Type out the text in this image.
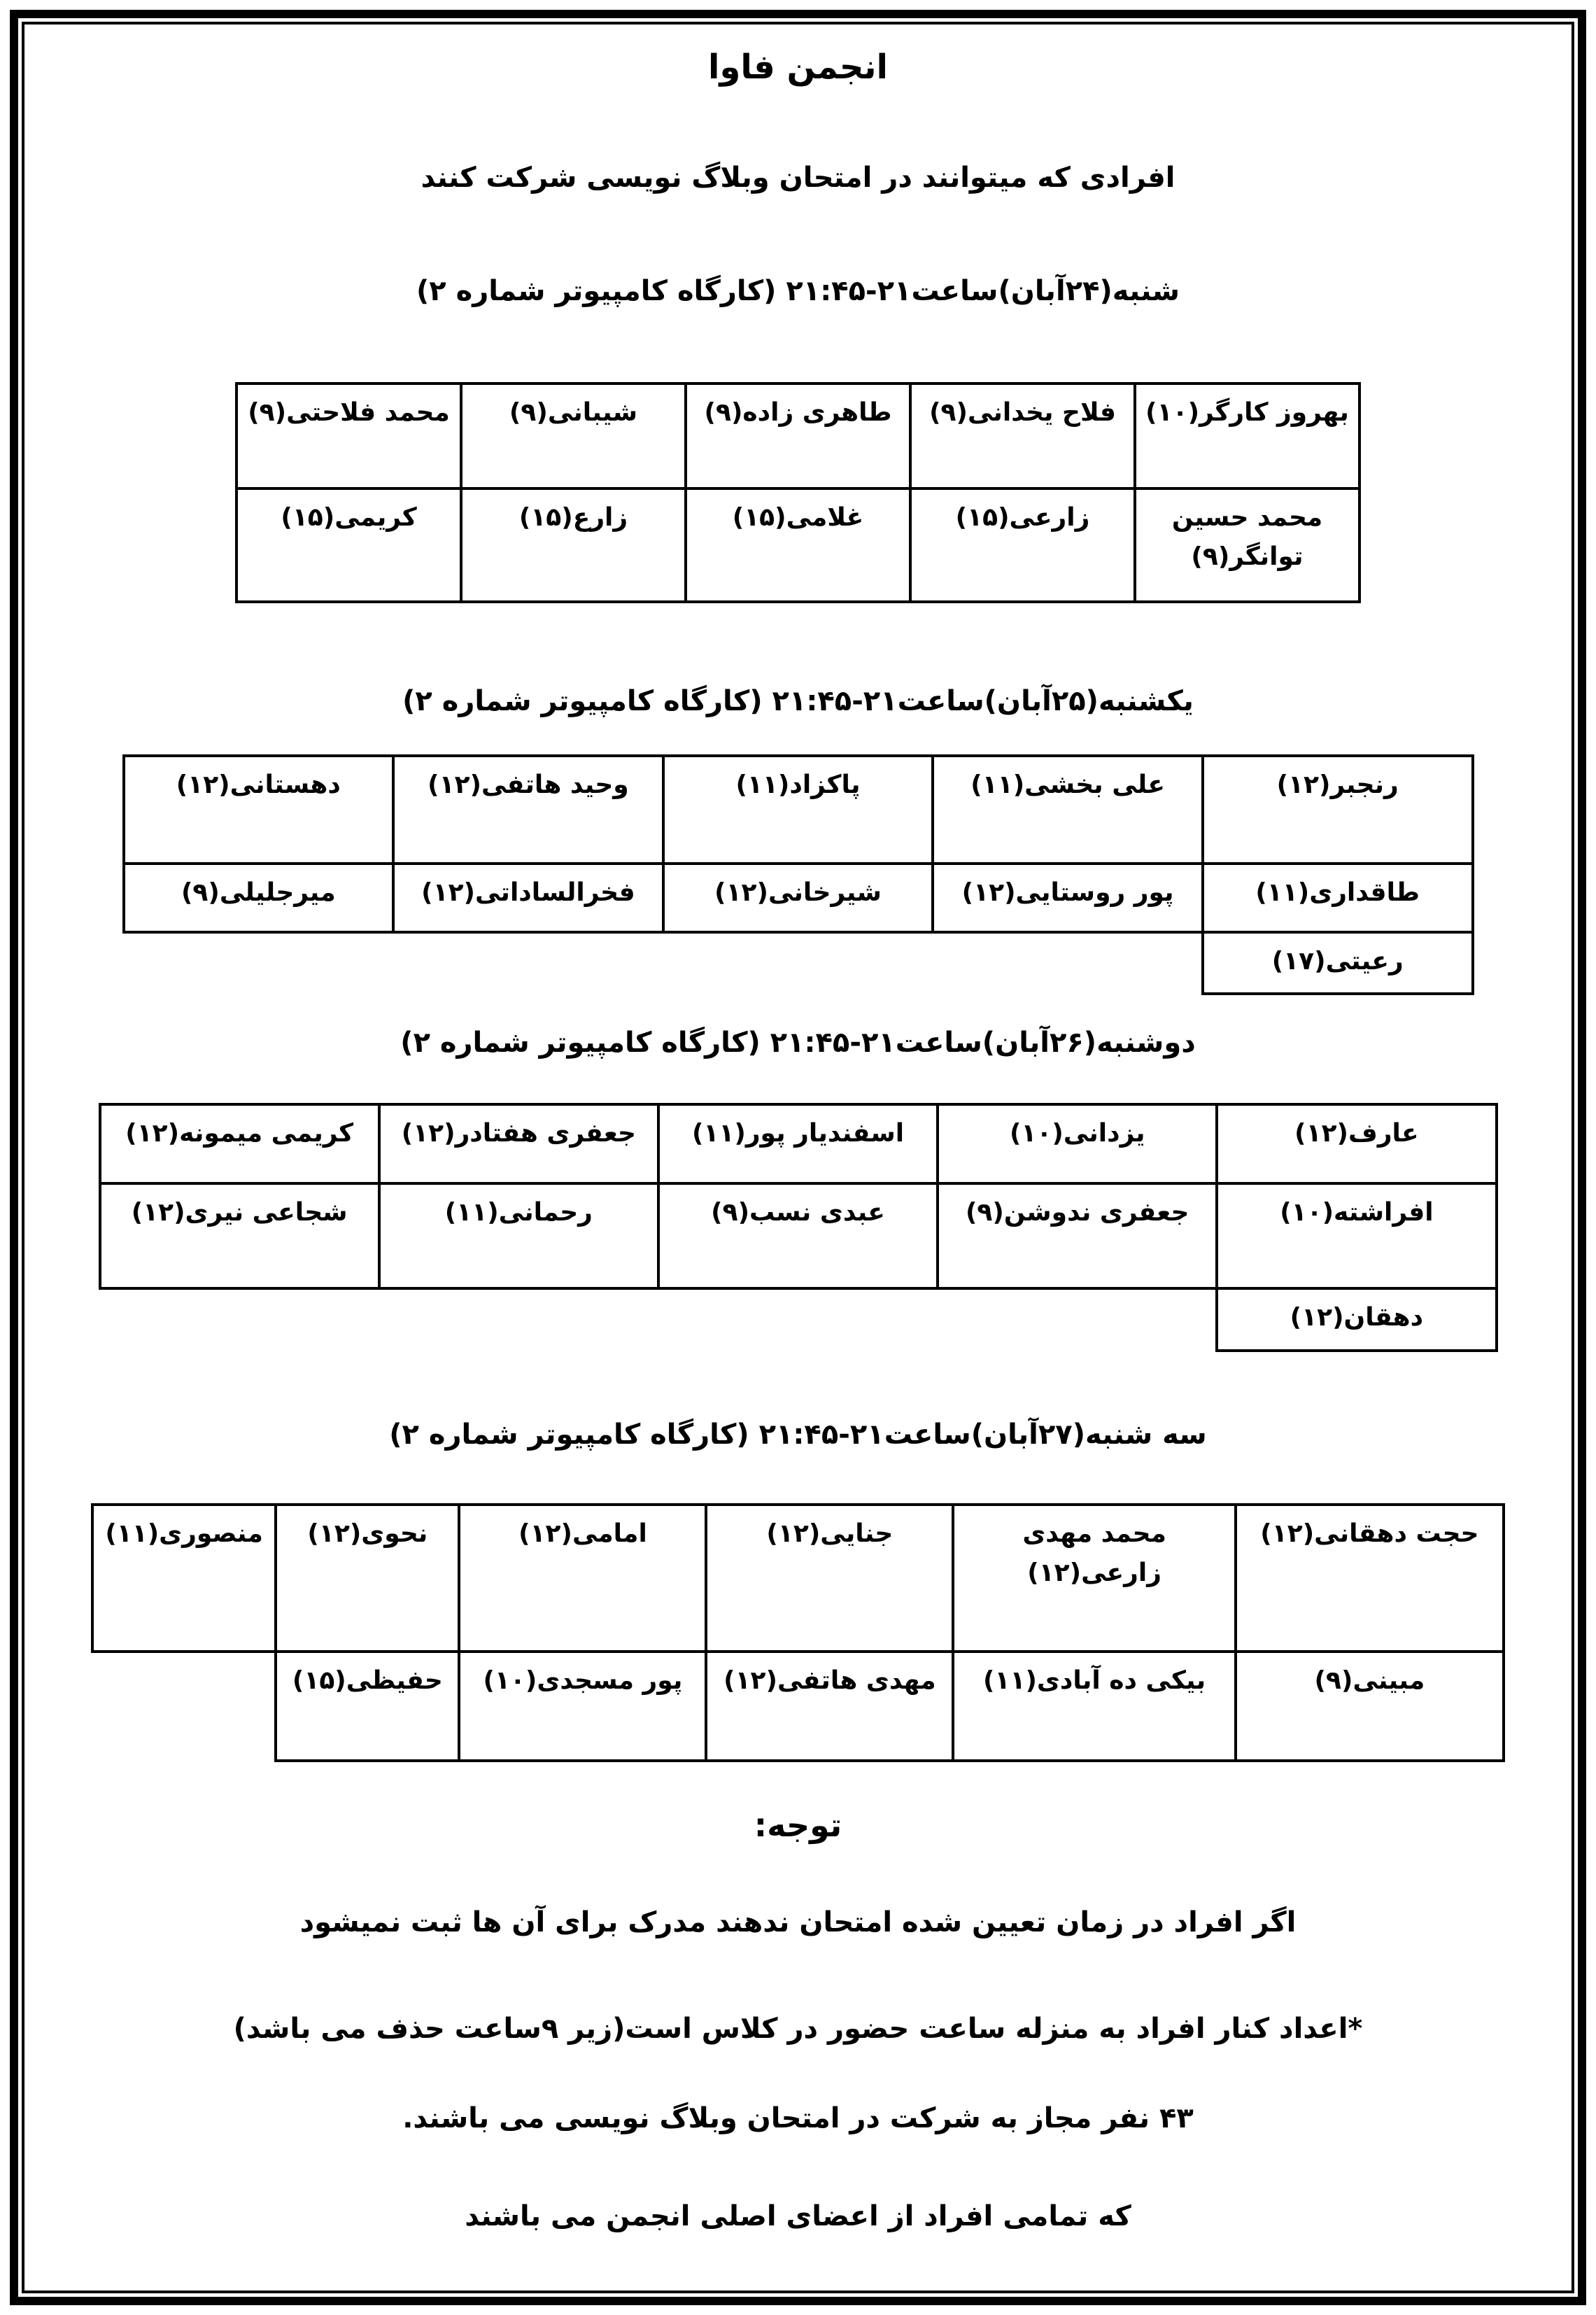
انجمن فاوا

افرادی که میتوانند در امتحان وبلاگ نویسی شرکت کنند

شنبه(۲۴آبان)ساعت۲۱-۲۱:۴۵ (کارگاه کامپیوتر شماره ۲)
بهروز کارگر(۱۰)	فلاح یخدانی(۹)	طاهری زاده(۹)	شیبانی(۹)	محمد فلاحتی(۹)
محمد حسین توانگر(۹)	زارعی(۱۵)	غلامی(۱۵)	زارع(۱۵)	کریمی(۱۵)
یکشنبه(۲۵آبان)ساعت۲۱-۲۱:۴۵ (کارگاه کامپیوتر شماره ۲)
رنجبر(۱۲)	علی بخشی(۱۱)	پاکزاد(۱۱)	وحید هاتفی(۱۲)	دهستانی(۱۲)
طاقداری(۱۱)	پور روستایی(۱۲)	شیرخانی(۱۲)	فخرالساداتی(۱۲)	میرجلیلی(۹)
رعیتی(۱۷)				
دوشنبه(۲۶آبان)ساعت۲۱-۲۱:۴۵ (کارگاه کامپیوتر شماره ۲)
عارف(۱۲)	یزدانی(۱۰)	اسفندیار پور(۱۱)	جعفری هفتادر(۱۲)	کریمی میمونه(۱۲)
افراشته(۱۰)	جعفری ندوشن(۹)	عبدی نسب(۹)	رحمانی(۱۱)	شجاعی نیری(۱۲)
دهقان(۱۲)				
سه شنبه(۲۷آبان)ساعت۲۱-۲۱:۴۵ (کارگاه کامپیوتر شماره ۲)
حجت دهقانی(۱۲)	محمد مهدی زارعی(۱۲)	جنایی(۱۲)	امامی(۱۲)	نحوی(۱۲)	منصوری(۱۱)
مبینی(۹)	بیکی ده آبادی(۱۱)	مهدی هاتفی(۱۲)	پور مسجدی(۱۰)	حفیظی(۱۵)	
توجه:

اگر افراد در زمان تعیین شده امتحان ندهند مدرک برای آن ها ثبت نمیشود

*اعداد کنار افراد به منزله ساعت حضور در کلاس است(زیر ۹ساعت حذف می باشد)

۴۳ نفر مجاز به شرکت در امتحان وبلاگ نویسی می باشند.

که تمامی افراد از اعضای اصلی انجمن می باشند
